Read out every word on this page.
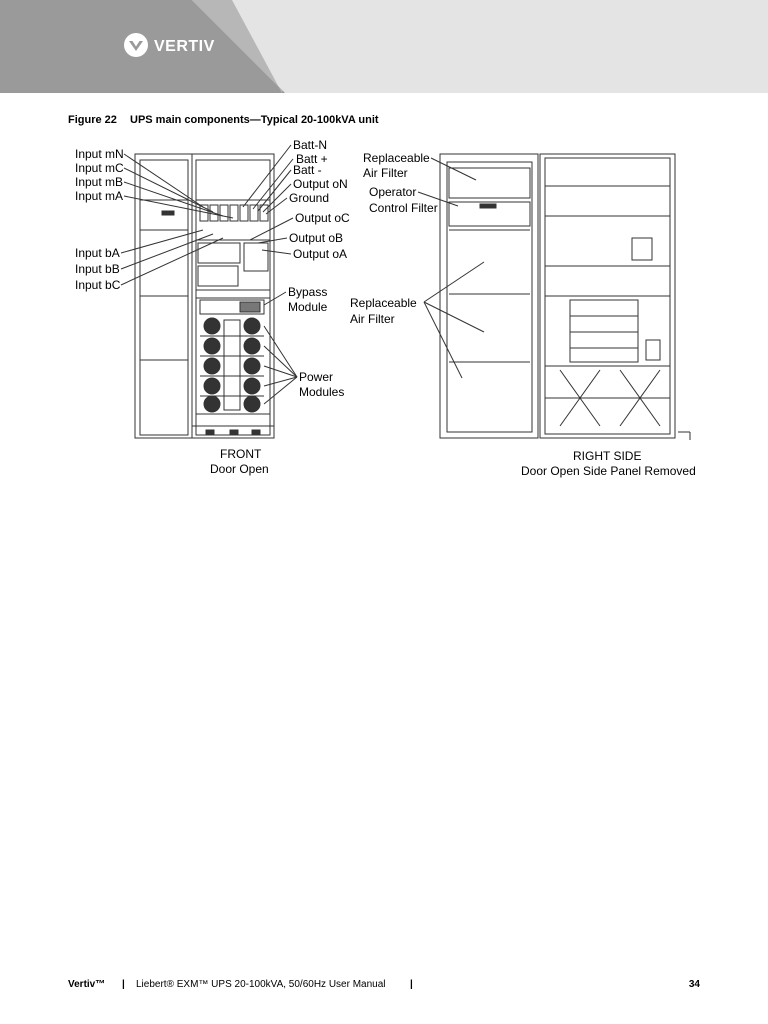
VERTIV
Figure 22 UPS main components—Typical 20-100kVA unit
Input mN
Input mC
Input mB
Input mA
Input bA
Input bB
Input bC
Batt-N
Batt +
Batt -
Output oN
Ground
Output oC
Output oB
Output oA
Bypass
Module
Power
Modules
FRONT
Door Open
Replaceable
Air Filter
Operator
Control Filter
Replaceable
Air Filter
RIGHT SIDE
Door Open Side Panel Removed
Vertiv™ | Liebert® EXM™ UPS 20-100kVA, 50/60Hz User Manual |	34
